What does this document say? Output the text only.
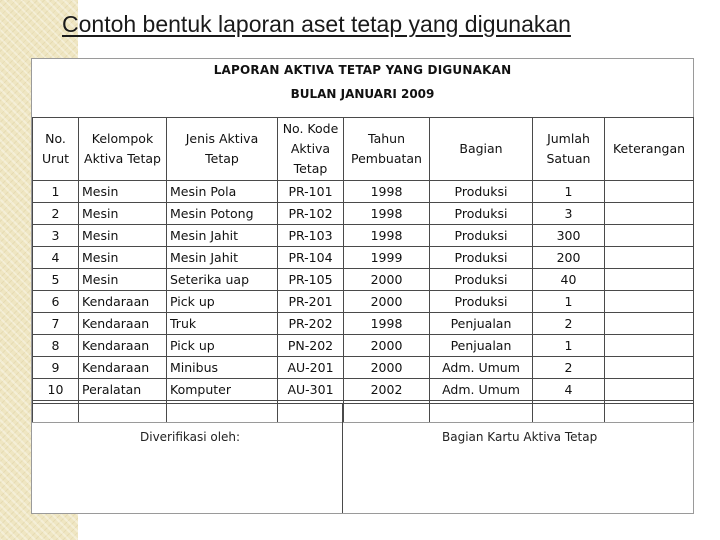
Contoh bentuk laporan aset tetap yang digunakan
LAPORAN AKTIVA TETAP YANG DIGUNAKAN
BULAN JANUARI 2009
No. Urut	Kelompok Aktiva Tetap	Jenis Aktiva Tetap	No. Kode Aktiva Tetap	Tahun Pembuatan	Bagian	Jumlah Satuan	Keterangan
1	Mesin	Mesin Pola	PR-101	1998	Produksi	1	
2	Mesin	Mesin Potong	PR-102	1998	Produksi	3	
3	Mesin	Mesin Jahit	PR-103	1998	Produksi	300	
4	Mesin	Mesin Jahit	PR-104	1999	Produksi	200	
5	Mesin	Seterika uap	PR-105	2000	Produksi	40	
6	Kendaraan	Pick up	PR-201	2000	Produksi	1	
7	Kendaraan	Truk	PR-202	1998	Penjualan	2	
8	Kendaraan	Pick up	PN-202	2000	Penjualan	1	
9	Kendaraan	Minibus	AU-201	2000	Adm. Umum	2	
10	Peralatan	Komputer	AU-301	2002	Adm. Umum	4	

Diverifikasi oleh:	Bagian Kartu Aktiva Tetap
